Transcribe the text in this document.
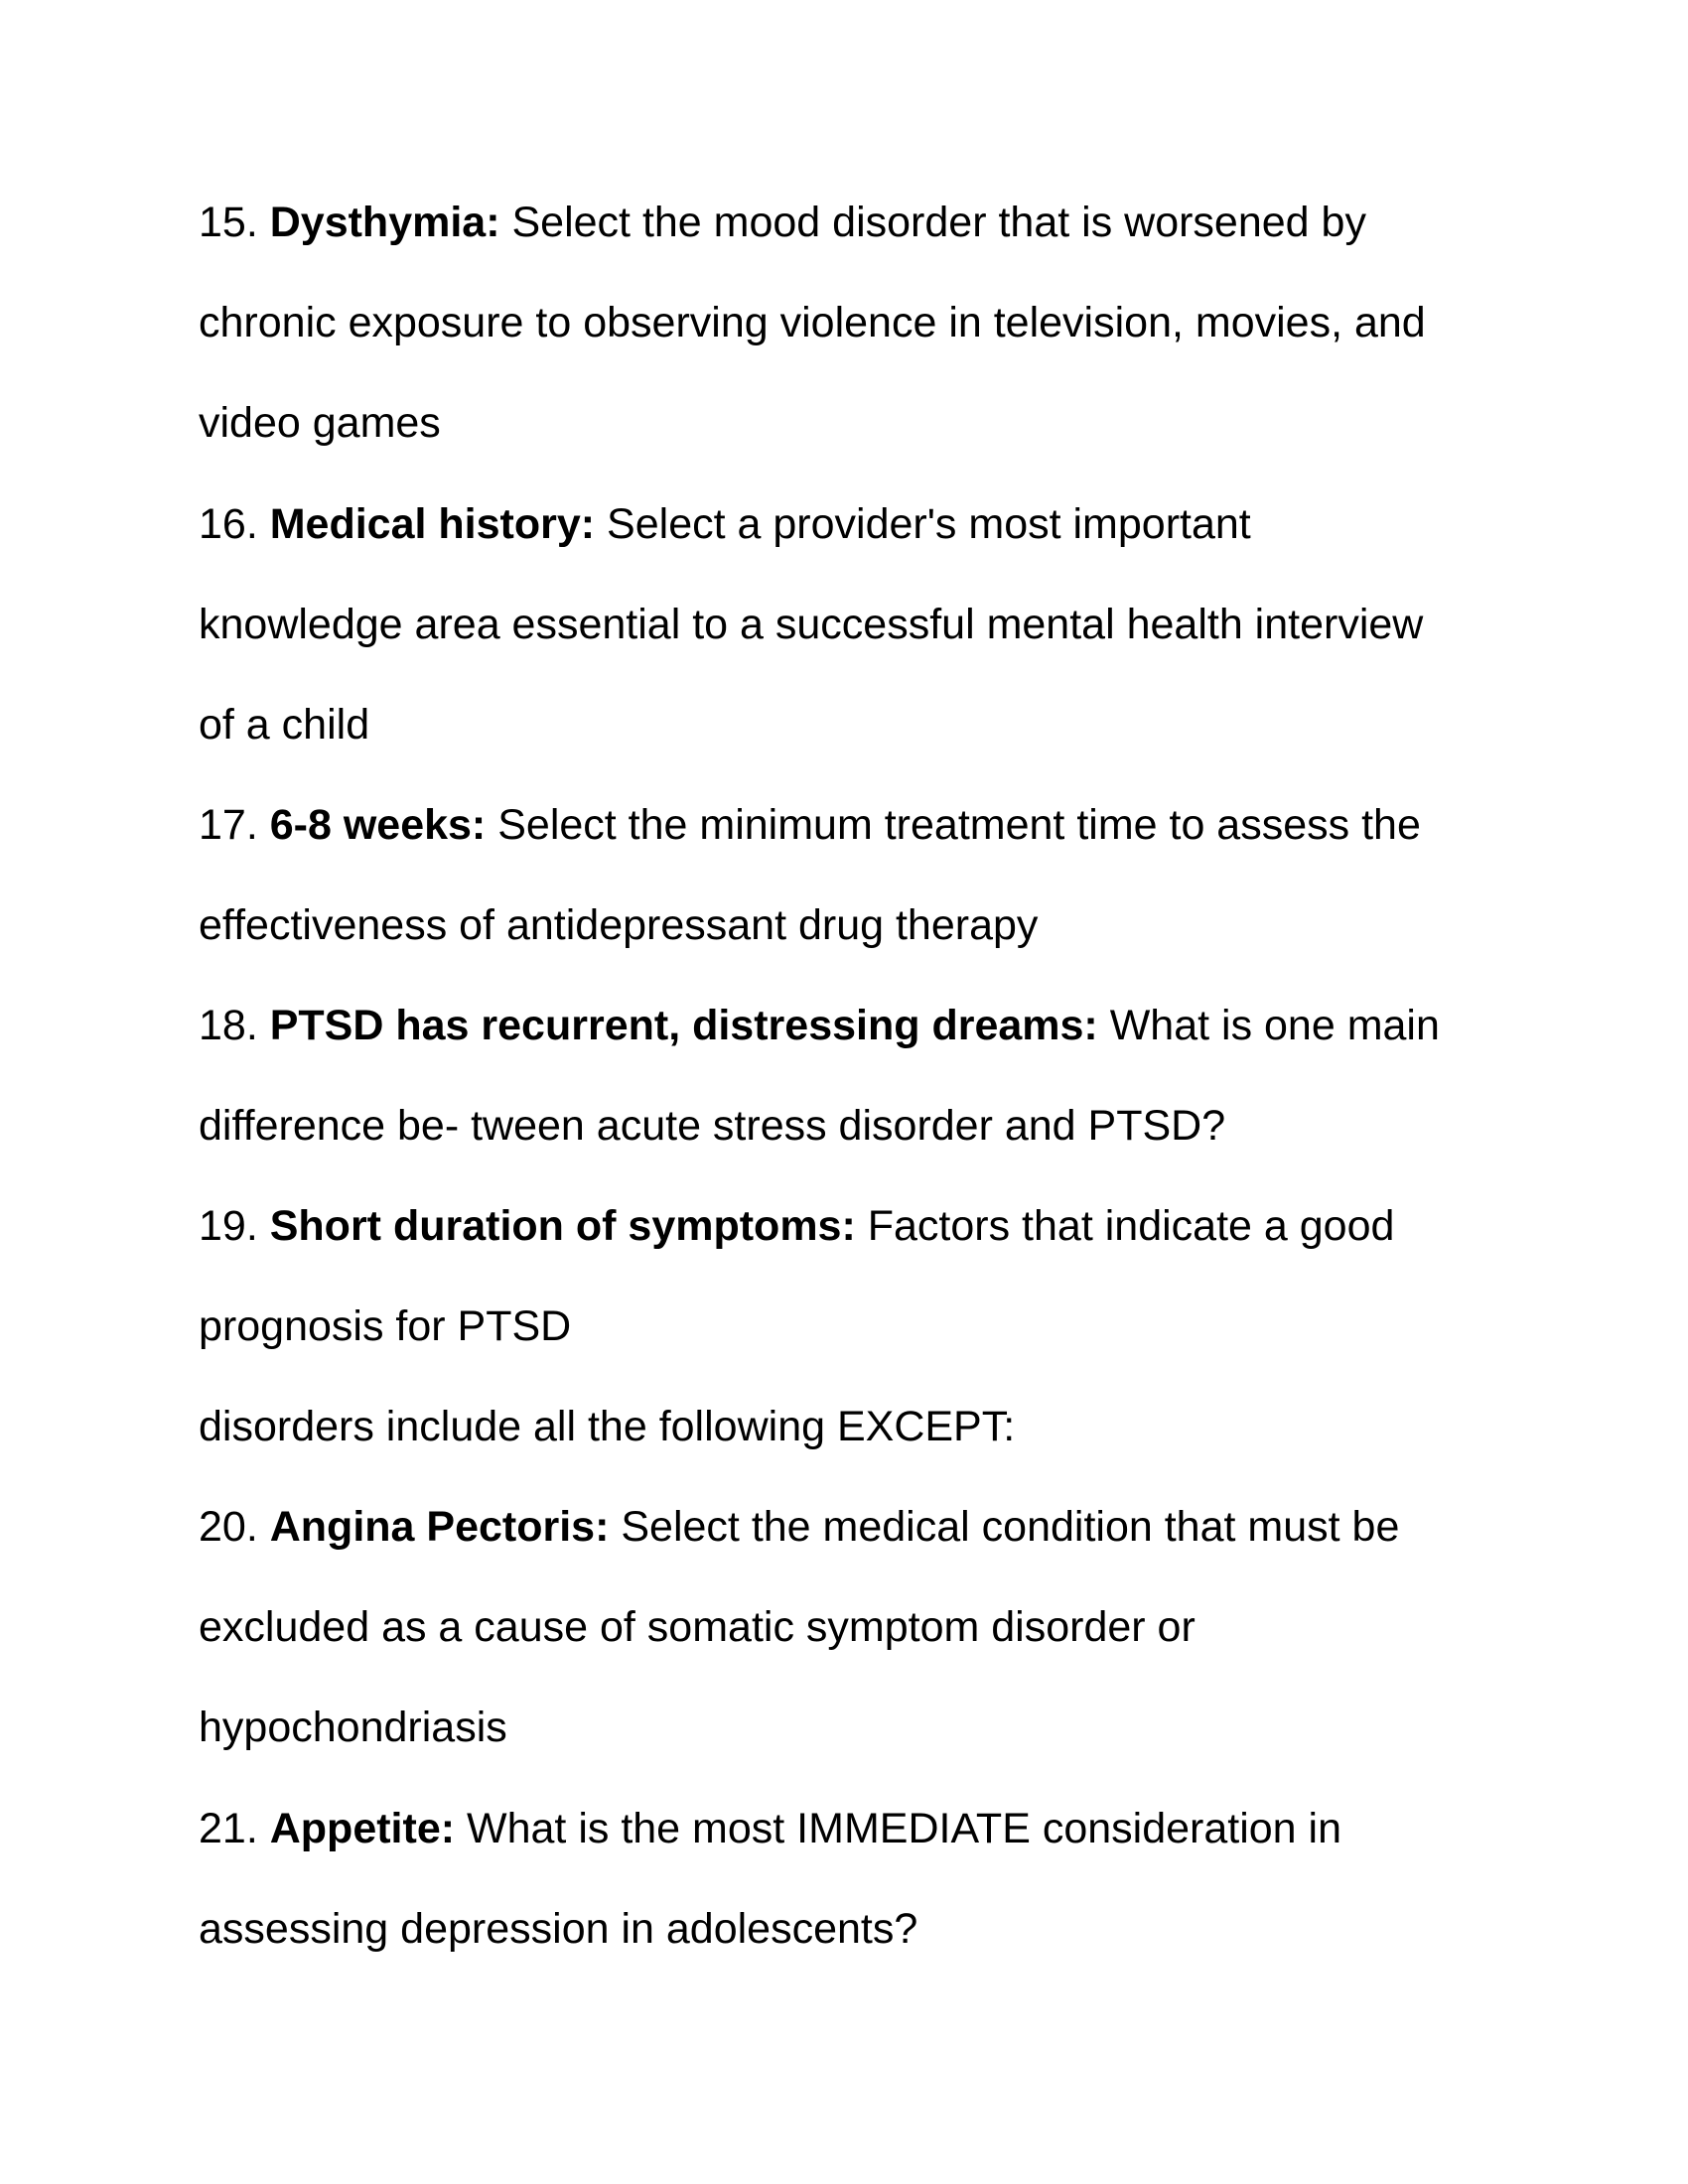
15. Dysthymia: Select the mood disorder that is worsened by
chronic exposure to observing violence in television, movies, and
video games
16. Medical history: Select a provider's most important
knowledge area essential to a successful mental health interview
of a child
17. 6-8 weeks: Select the minimum treatment time to assess the
effectiveness of antidepressant drug therapy
18. PTSD has recurrent, distressing dreams: What is one main
difference be- tween acute stress disorder and PTSD?
19. Short duration of symptoms: Factors that indicate a good
prognosis for PTSD
disorders include all the following EXCEPT:
20. Angina Pectoris: Select the medical condition that must be
excluded as a cause of somatic symptom disorder or
hypochondriasis
21. Appetite: What is the most IMMEDIATE consideration in
assessing depression in adolescents?
